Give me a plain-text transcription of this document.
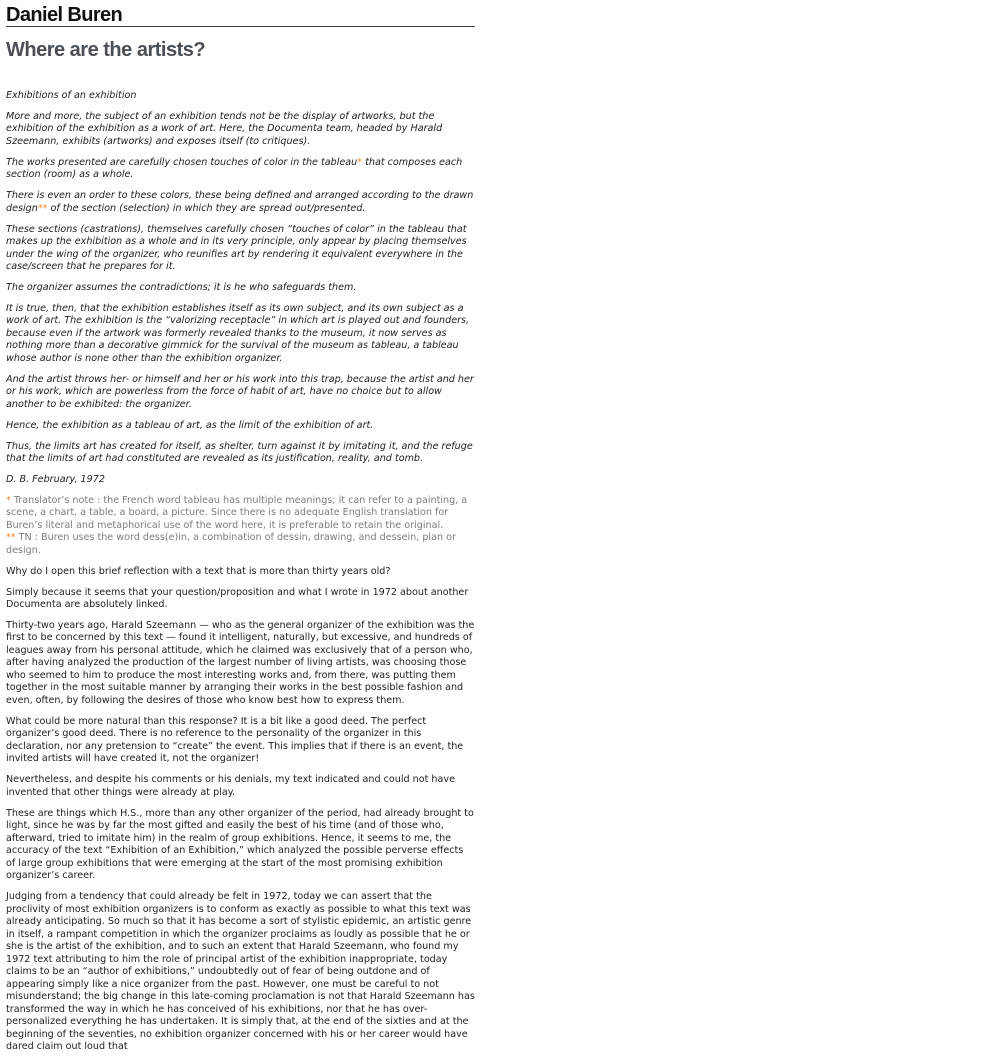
Daniel Buren
Where are the artists?

Exhibitions of an exhibition

More and more, the subject of an exhibition tends not be the display of artworks, but the exhibition of the exhibition as a work of art. Here, the Documenta team, headed by Harald Szeemann, exhibits (artworks) and exposes itself (to critiques).

The works presented are carefully chosen touches of color in the tableau* that composes each section (room) as a whole.

There is even an order to these colors, these being defined and arranged according to the drawn design** of the section (selection) in which they are spread out/presented.

These sections (castrations), themselves carefully chosen “touches of color” in the tableau that makes up the exhibition as a whole and in its very principle, only appear by placing themselves under the wing of the organizer, who reunifies art by rendering it equivalent everywhere in the case/screen that he prepares for it.

The organizer assumes the contradictions; it is he who safeguards them.

It is true, then, that the exhibition establishes itself as its own subject, and its own subject as a work of art. The exhibition is the “valorizing receptacle” in which art is played out and founders, because even if the artwork was formerly revealed thanks to the museum, it now serves as nothing more than a decorative gimmick for the survival of the museum as tableau, a tableau whose author is none other than the exhibition organizer.

And the artist throws her- or himself and her or his work into this trap, because the artist and her or his work, which are powerless from the force of habit of art, have no choice but to allow another to be exhibited: the organizer.

Hence, the exhibition as a tableau of art, as the limit of the exhibition of art.

Thus, the limits art has created for itself, as shelter, turn against it by imitating it, and the refuge that the limits of art had constituted are revealed as its justification, reality, and tomb.

D. B. February, 1972

* Translator’s note : the French word tableau has multiple meanings; it can refer to a painting, a scene, a chart, a table, a board, a picture. Since there is no adequate English translation for Buren’s literal and metaphorical use of the word here, it is preferable to retain the original.

** TN : Buren uses the word dess(e)in, a combination of dessin, drawing, and dessein, plan or design.

Why do I open this brief reflection with a text that is more than thirty years old?

Simply because it seems that your question/proposition and what I wrote in 1972 about another Documenta are absolutely linked.

Thirty-two years ago, Harald Szeemann — who as the general organizer of the exhibition was the first to be concerned by this text — found it intelligent, naturally, but excessive, and hundreds of leagues away from his personal attitude, which he claimed was exclusively that of a person who, after having analyzed the production of the largest number of living artists, was choosing those who seemed to him to produce the most interesting works and, from there, was putting them together in the most suitable manner by arranging their works in the best possible fashion and even, often, by following the desires of those who know best how to express them.

What could be more natural than this response? It is a bit like a good deed. The perfect organizer’s good deed. There is no reference to the personality of the organizer in this declaration, nor any pretension to “create” the event. This implies that if there is an event, the invited artists will have created it, not the organizer!

Nevertheless, and despite his comments or his denials, my text indicated and could not have invented that other things were already at play.

These are things which H.S., more than any other organizer of the period, had already brought to light, since he was by far the most gifted and easily the best of his time (and of those who, afterward, tried to imitate him) in the realm of group exhibitions. Hence, it seems to me, the accuracy of the text “Exhibition of an Exhibition,” which analyzed the possible perverse effects of large group exhibitions that were emerging at the start of the most promising exhibition organizer’s career.

Judging from a tendency that could already be felt in 1972, today we can assert that the proclivity of most exhibition organizers is to conform as exactly as possible to what this text was already anticipating. So much so that it has become a sort of stylistic epidemic, an artistic genre in itself, a rampant competition in which the organizer proclaims as loudly as possible that he or she is the artist of the exhibition, and to such an extent that Harald Szeemann, who found my 1972 text attributing to him the role of principal artist of the exhibition inappropriate, today claims to be an “author of exhibitions,” undoubtedly out of fear of being outdone and of appearing simply like a nice organizer from the past. However, one must be careful to not misunderstand; the big change in this late-coming proclamation is not that Harald Szeemann has transformed the way in which he has conceived of his exhibitions, nor that he has over-personalized everything he has undertaken. It is simply that, at the end of the sixties and at the beginning of the seventies, no exhibition organizer concerned with his or her career would have dared claim out loud that
